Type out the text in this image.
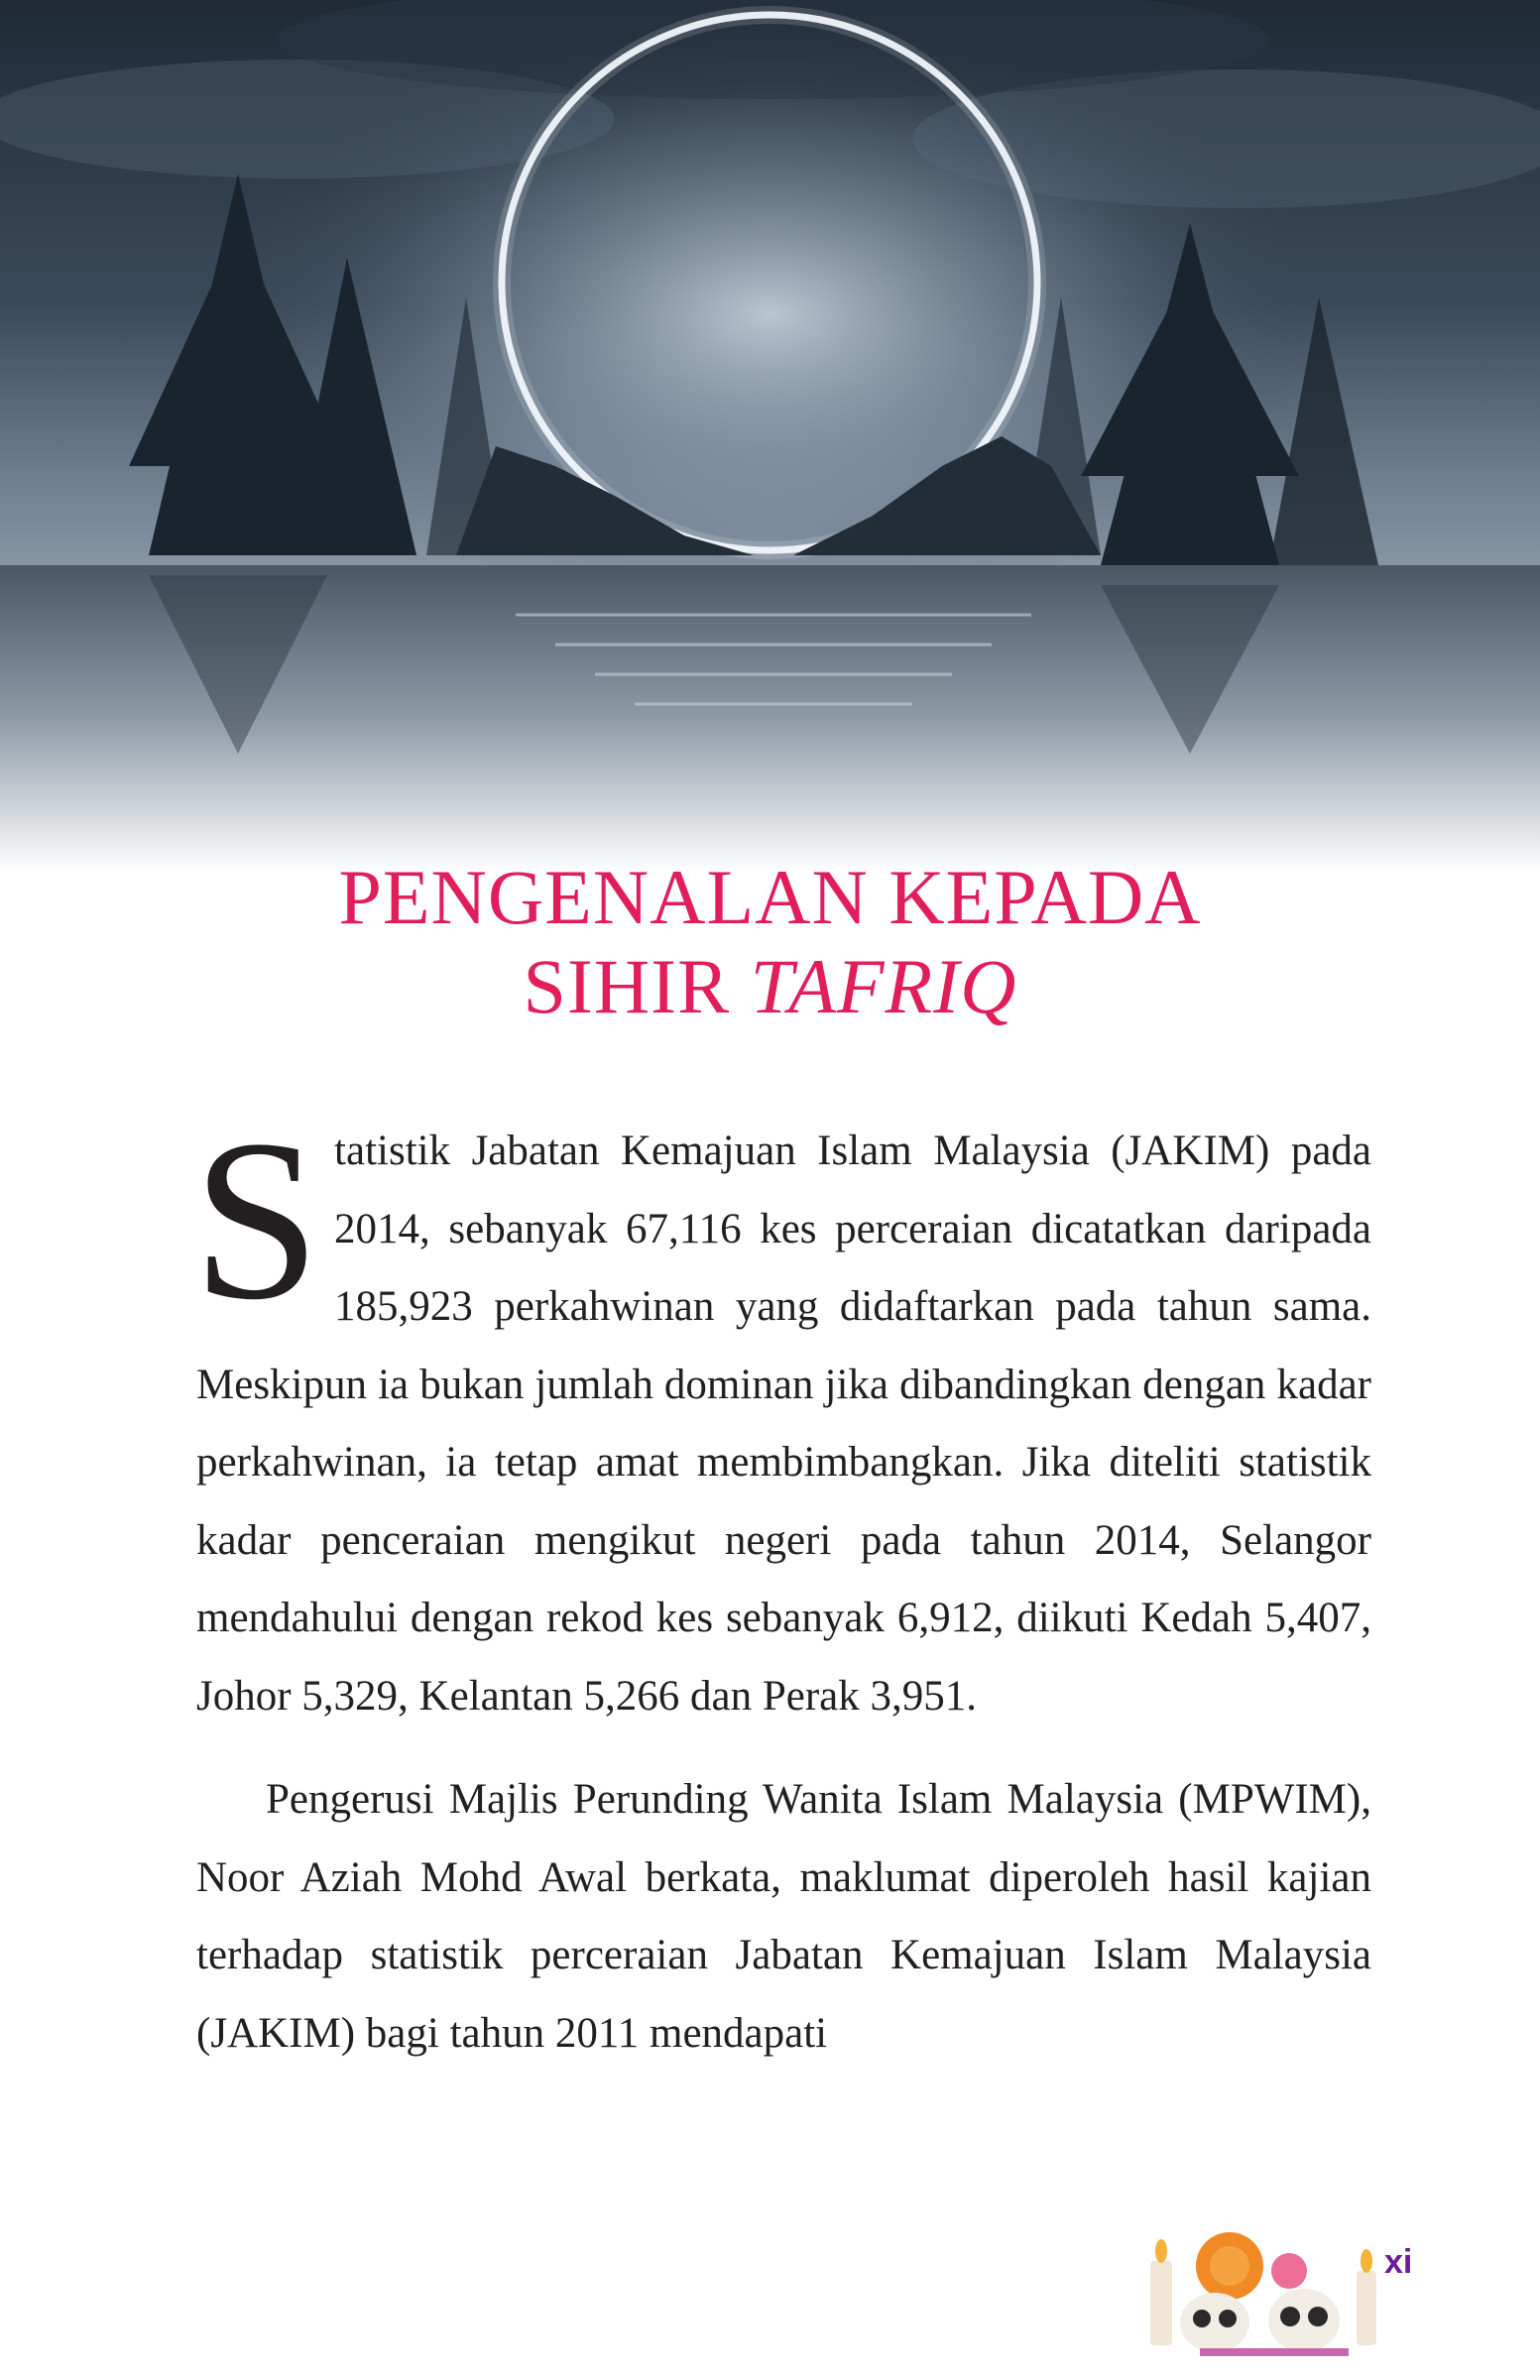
PENGENALAN KEPADA
SIHIR TAFRIQ

Statistik Jabatan Kemajuan Islam Malaysia (JAKIM) pada 2014, sebanyak 67,116 kes perceraian dicatatkan daripada 185,923 perkahwinan yang didaftarkan pada tahun sama. Meskipun ia bukan jumlah dominan jika dibandingkan dengan kadar perkahwinan, ia tetap amat membimbangkan. Jika diteliti statistik kadar penceraian mengikut negeri pada tahun 2014, Selangor mendahului dengan rekod kes sebanyak 6,912, diikuti Kedah 5,407, Johor 5,329, Kelantan 5,266 dan Perak 3,951.

Pengerusi Majlis Perunding Wanita Islam Malaysia (MPWIM), Noor Aziah Mohd Awal berkata, maklumat diperoleh hasil kajian terhadap statistik perceraian Jabatan Kemajuan Islam Malaysia (JAKIM) bagi tahun 2011 mendapati

xi
